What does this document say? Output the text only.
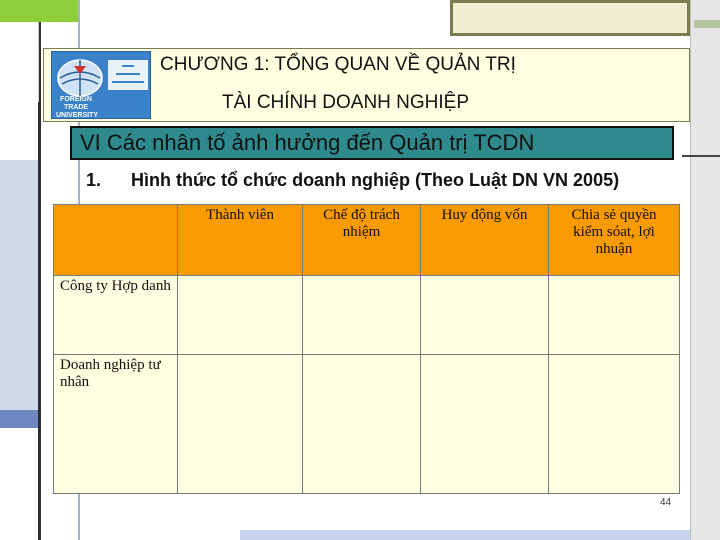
FOREIGN TRADE UNIVERSITY
CHƯƠNG 1: TỔNG QUAN VỀ QUẢN TRỊ
TÀI CHÍNH DOANH NGHIỆP
VI Các nhân tố ảnh hưởng đến Quản trị TCDN
1. Hình thức tổ chức doanh nghiệp (Theo Luật DN VN 2005)
	Thành viên	Chế độ trách nhiệm	Huy động vốn	Chia sẻ quyền kiểm sóat, lợi nhuận
Công ty Hợp danh				
Doanh nghiệp tư nhân				
44
